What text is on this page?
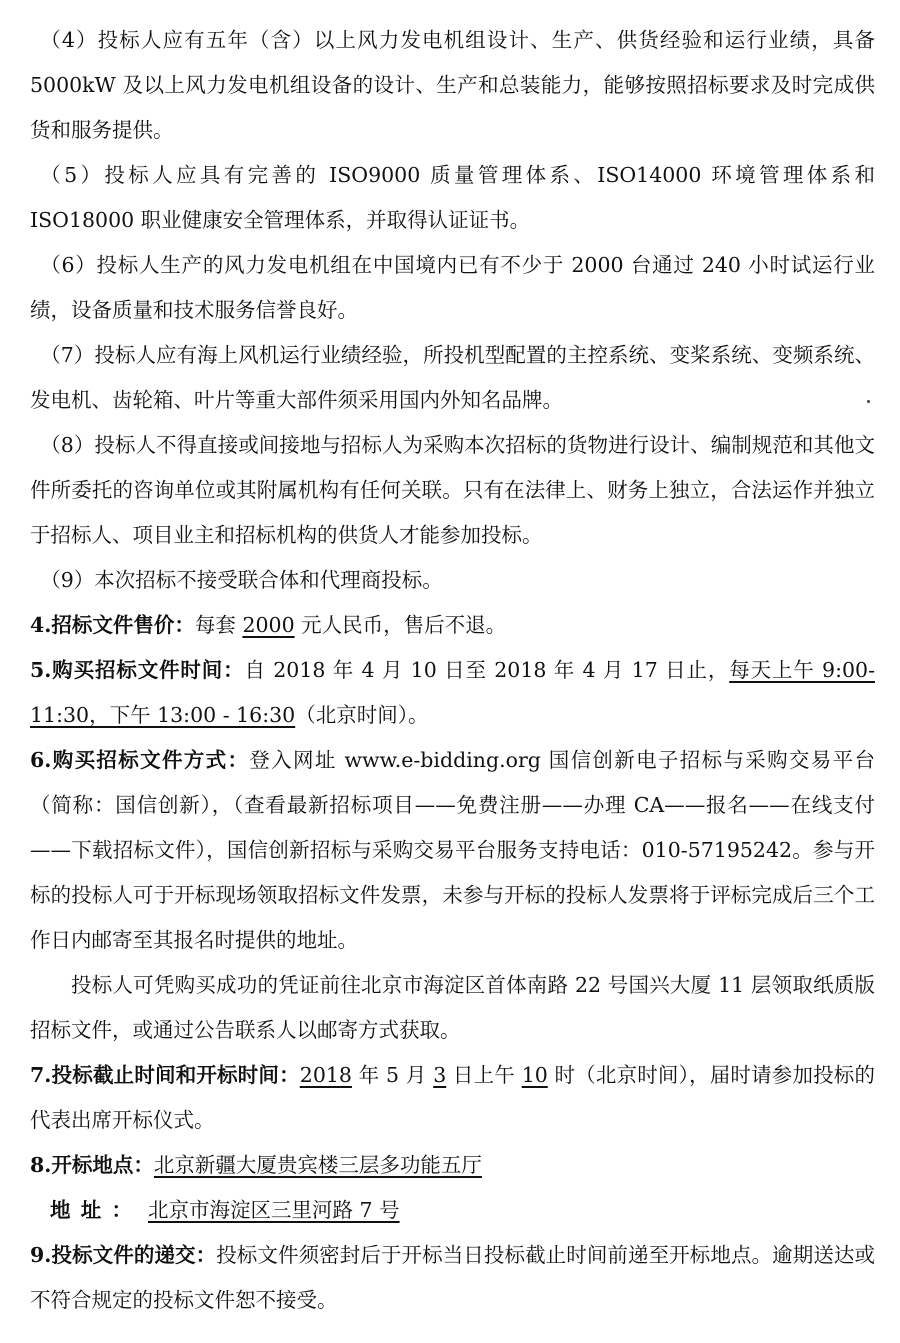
（4）投标人应有五年（含）以上风力发电机组设计、生产、供货经验和运行业绩，具备 5000kW 及以上风力发电机组设备的设计、生产和总装能力，能够按照招标要求及时完成供货和服务提供。

（5）投标人应具有完善的 ISO9000 质量管理体系、ISO14000 环境管理体系和 ISO18000 职业健康安全管理体系，并取得认证证书。

（6）投标人生产的风力发电机组在中国境内已有不少于 2000 台通过 240 小时试运行业绩，设备质量和技术服务信誉良好。

（7）投标人应有海上风机运行业绩经验，所投机型配置的主控系统、变桨系统、变频系统、发电机、齿轮箱、叶片等重大部件须采用国内外知名品牌。

（8）投标人不得直接或间接地与招标人为采购本次招标的货物进行设计、编制规范和其他文件所委托的咨询单位或其附属机构有任何关联。只有在法律上、财务上独立，合法运作并独立于招标人、项目业主和招标机构的供货人才能参加投标。

（9）本次招标不接受联合体和代理商投标。

4.招标文件售价：每套 2000 元人民币，售后不退。

5.购买招标文件时间：自 2018 年 4 月 10 日至 2018 年 4 月 17 日止，每天上午 9:00-11:30，下午 13:00 - 16:30（北京时间）。

6.购买招标文件方式：登入网址 www.e-bidding.org 国信创新电子招标与采购交易平台（简称：国信创新），（查看最新招标项目——免费注册——办理 CA——报名——在线支付——下载招标文件），国信创新招标与采购交易平台服务支持电话：010-57195242。参与开标的投标人可于开标现场领取招标文件发票，未参与开标的投标人发票将于评标完成后三个工作日内邮寄至其报名时提供的地址。

投标人可凭购买成功的凭证前往北京市海淀区首体南路 22 号国兴大厦 11 层领取纸质版招标文件，或通过公告联系人以邮寄方式获取。

7.投标截止时间和开标时间：2018 年 5 月 3 日上午 10 时（北京时间），届时请参加投标的代表出席开标仪式。

8.开标地点：北京新疆大厦贵宾楼三层多功能五厅

地址： 北京市海淀区三里河路 7 号

9.投标文件的递交：投标文件须密封后于开标当日投标截止时间前递至开标地点。逾期送达或不符合规定的投标文件恕不接受。
